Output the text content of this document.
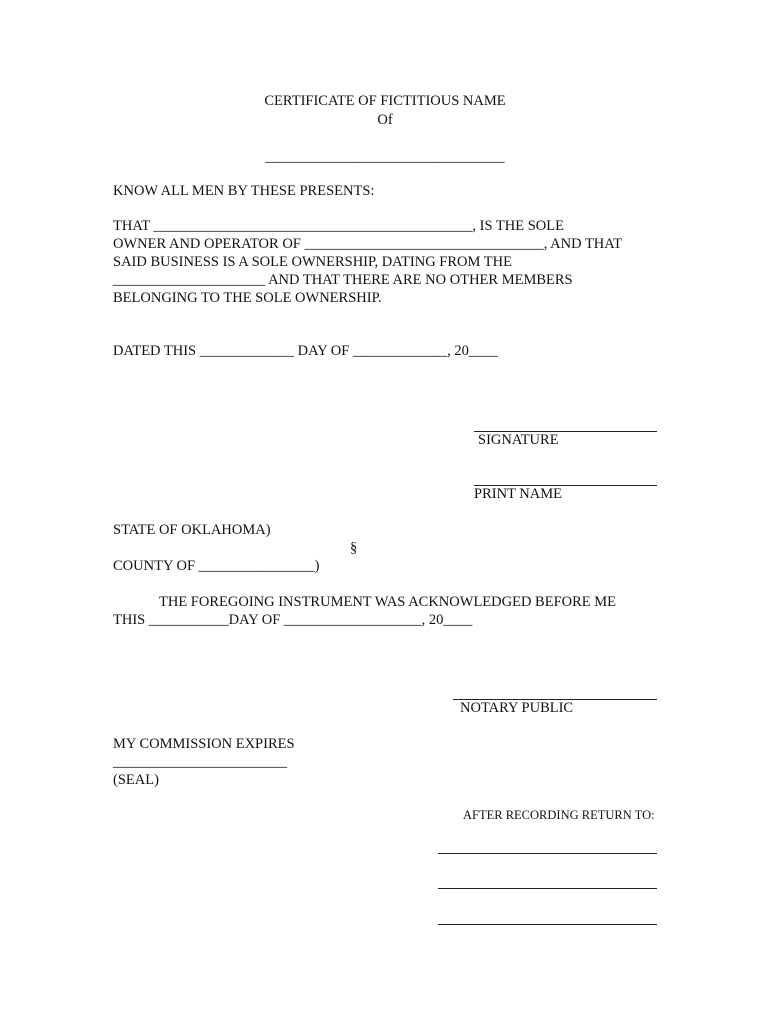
CERTIFICATE OF FICTITIOUS NAME
Of
_________________________________
KNOW ALL MEN BY THESE PRESENTS:
THAT ____________________________________________, IS THE SOLE
OWNER AND OPERATOR OF _________________________________, AND THAT
SAID BUSINESS IS A SOLE OWNERSHIP, DATING FROM THE
_____________________ AND THAT THERE ARE NO OTHER MEMBERS
BELONGING TO THE SOLE OWNERSHIP.
DATED THIS _____________ DAY OF _____________, 20____
SIGNATURE
PRINT NAME
STATE OF OKLAHOMA)
§
COUNTY OF ________________)
THE FOREGOING INSTRUMENT WAS ACKNOWLEDGED BEFORE ME
THIS ___________DAY OF ___________________, 20____
NOTARY PUBLIC
MY COMMISSION EXPIRES
________________________
(SEAL)
AFTER RECORDING RETURN TO:
